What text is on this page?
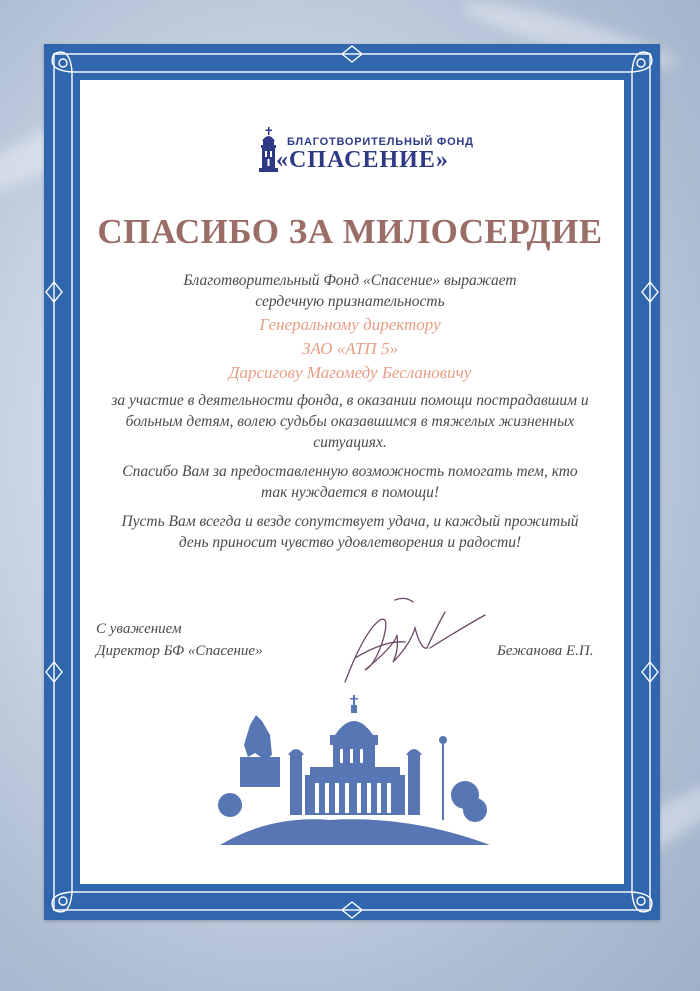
БЛАГОТВОРИТЕЛЬНЫЙ ФОНД
«СПАСЕНИЕ»
СПАСИБО ЗА МИЛОСЕРДИЕ
Благотворительный Фонд «Спасение» выражает
сердечную признательность
Генеральному директору
ЗАО «АТП 5»
Дарсигову Магомеду Беслановичу
за участие в деятельности фонда, в оказании помощи пострадавшим и
больным детям, волею судьбы оказавшимся в тяжелых жизненных
ситуациях.
Спасибо Вам за предоставленную возможность помогать тем, кто
так нуждается в помощи!
Пусть Вам всегда и везде сопутствует удача, и каждый прожитый
день приносит чувство удовлетворения и радости!
С уважением
Директор БФ «Спасение»	Бежанова Е.П.
